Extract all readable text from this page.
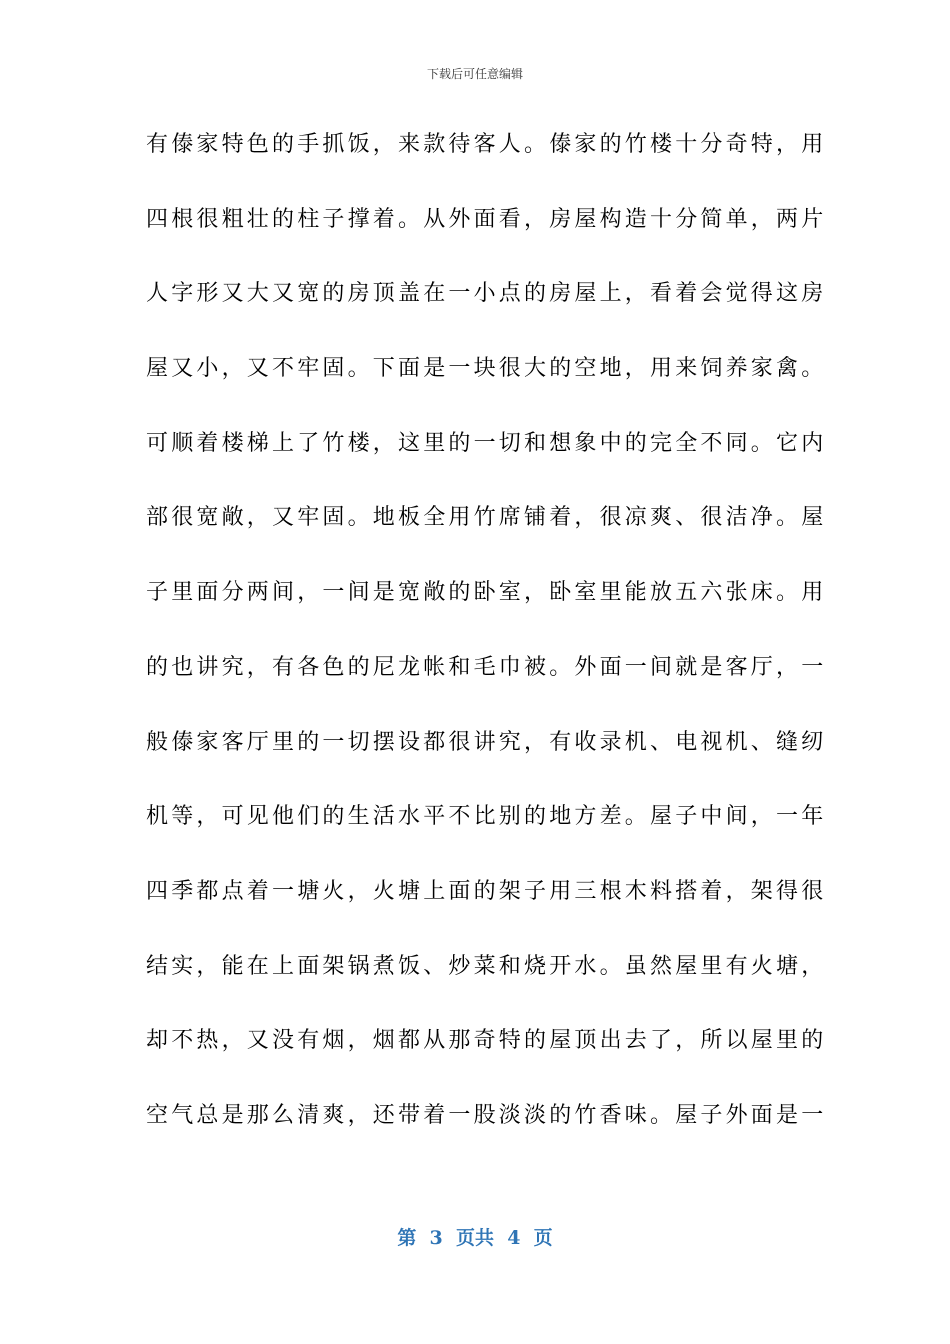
下载后可任意编辑
有傣家特色的手抓饭，来款待客人。傣家的竹楼十分奇特，用
四根很粗壮的柱子撑着。从外面看，房屋构造十分简单，两片
人字形又大又宽的房顶盖在一小点的房屋上，看着会觉得这房
屋又小，又不牢固。下面是一块很大的空地，用来饲养家禽。
可顺着楼梯上了竹楼，这里的一切和想象中的完全不同。它内
部很宽敞，又牢固。地板全用竹席铺着，很凉爽、很洁净。屋
子里面分两间，一间是宽敞的卧室，卧室里能放五六张床。用
的也讲究，有各色的尼龙帐和毛巾被。外面一间就是客厅，一
般傣家客厅里的一切摆设都很讲究，有收录机、电视机、缝纫
机等，可见他们的生活水平不比别的地方差。屋子中间，一年
四季都点着一塘火，火塘上面的架子用三根木料搭着，架得很
结实，能在上面架锅煮饭、炒菜和烧开水。虽然屋里有火塘，
却不热，又没有烟，烟都从那奇特的屋顶出去了，所以屋里的
空气总是那么清爽，还带着一股淡淡的竹香味。屋子外面是一
第  3  页共  4  页
